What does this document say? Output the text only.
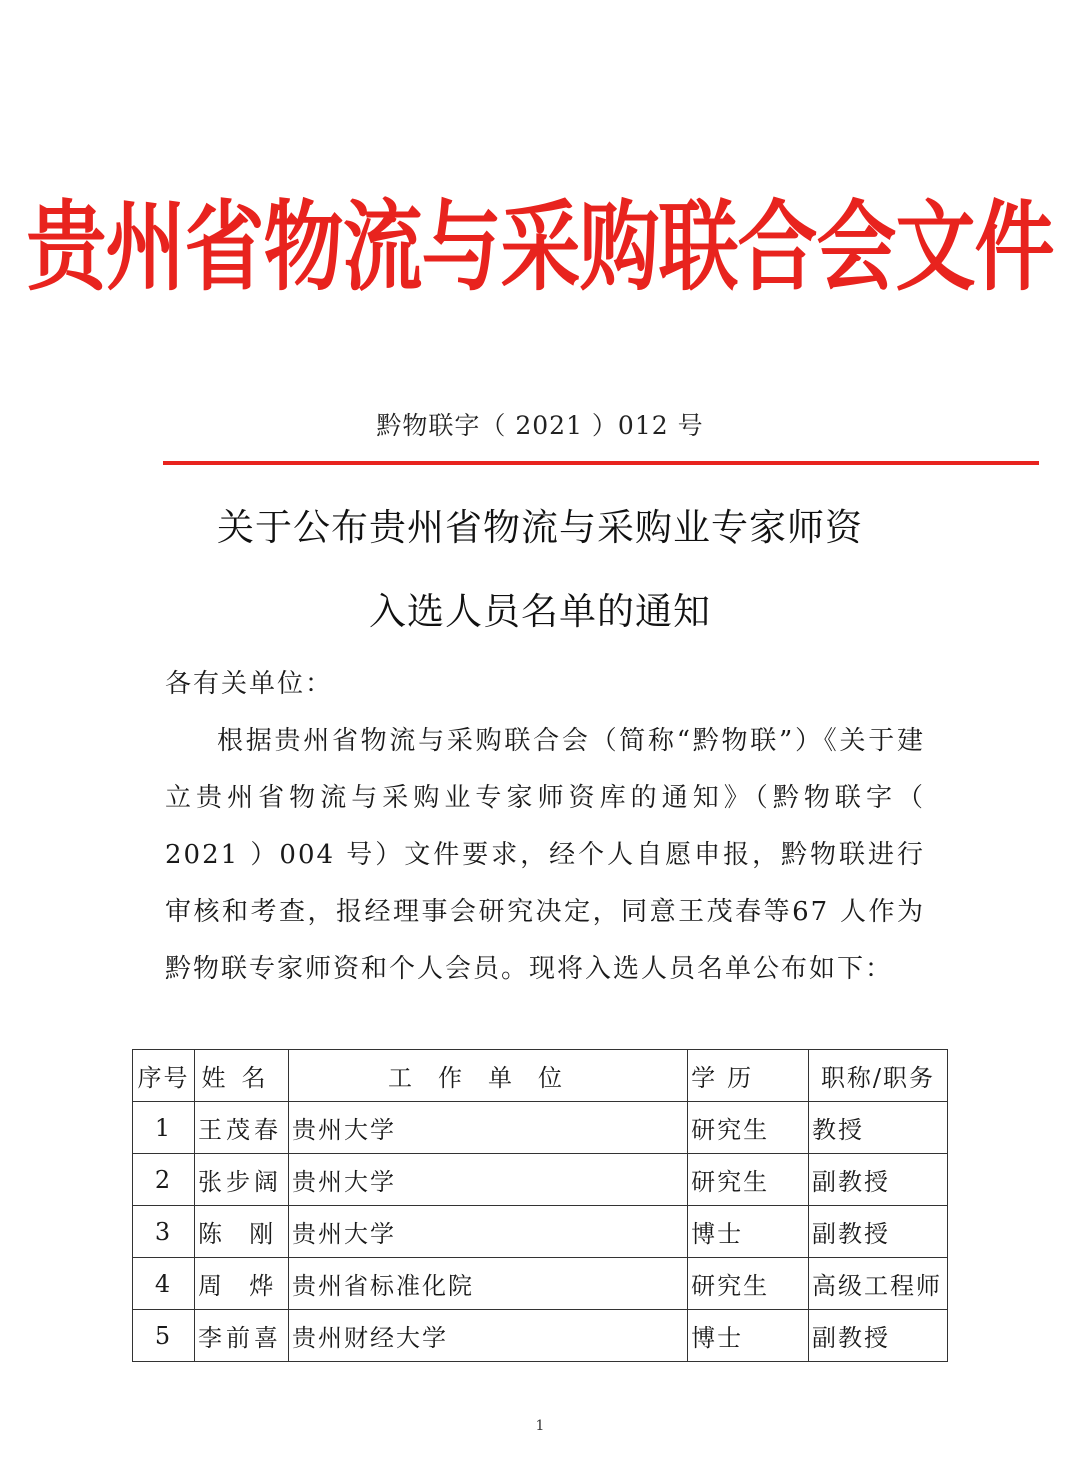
贵州省物流与采购联合会文件
黔物联字（ 2021 ）012 号
关于公布贵州省物流与采购业专家师资
入选人员名单的通知
各有关单位：

根据贵州省物流与采购联合会（简称“黔物联”）《关于建立贵州省物流与采购业专家师资库的通知》（黔物联字（ 2021 ）004 号）文件要求，经个人自愿申报，黔物联进行审核和考查，报经理事会研究决定，同意王茂春等67 人作为黔物联专家师资和个人会员。现将入选人员名单公布如下：

序号	姓名	工作单位	学历	职称/职务
1	王茂春	贵州大学	研究生	教授
2	张步阔	贵州大学	研究生	副教授
3	陈  刚	贵州大学	博士	副教授
4	周  烨	贵州省标准化院	研究生	高级工程师
5	李前喜	贵州财经大学	博士	副教授
1
